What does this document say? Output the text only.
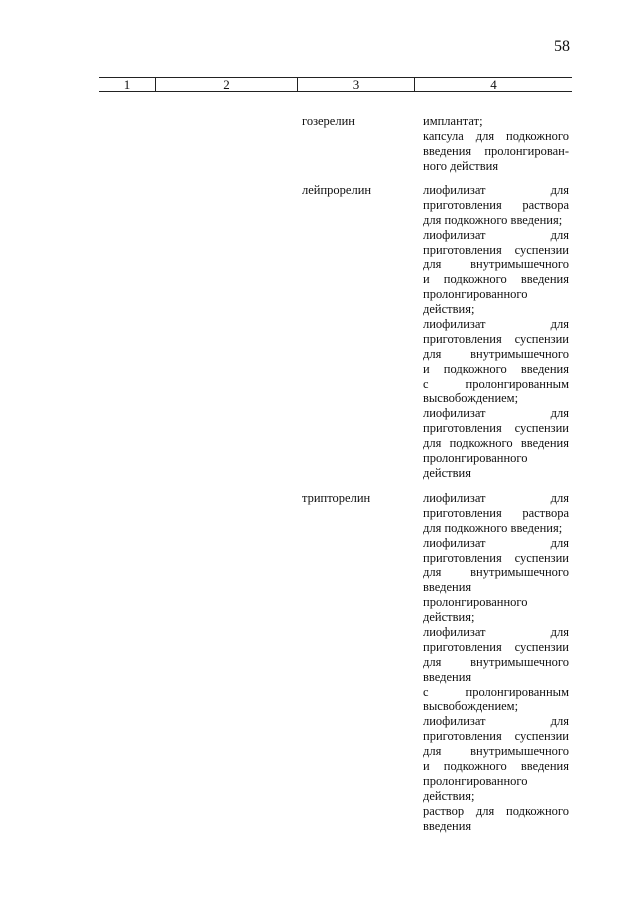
58
1	2	3	4
гозерелин	имплантат;
капсула для подкожного
введения пролонгирован-
ного действия
лейпрорелин	лиофилизат для
приготовления раствора
для подкожного введения;
лиофилизат для
приготовления суспензии
для внутримышечного
и подкожного введения
пролонгированного
действия;
лиофилизат для
приготовления суспензии
для внутримышечного
и подкожного введения
с пролонгированным
высвобождением;
лиофилизат для
приготовления суспензии
для подкожного введения
пролонгированного
действия
трипторелин	лиофилизат для
приготовления раствора
для подкожного введения;
лиофилизат для
приготовления суспензии
для внутримышечного
введения
пролонгированного
действия;
лиофилизат для
приготовления суспензии
для внутримышечного
введения
с пролонгированным
высвобождением;
лиофилизат для
приготовления суспензии
для внутримышечного
и подкожного введения
пролонгированного
действия;
раствор для подкожного
введения
